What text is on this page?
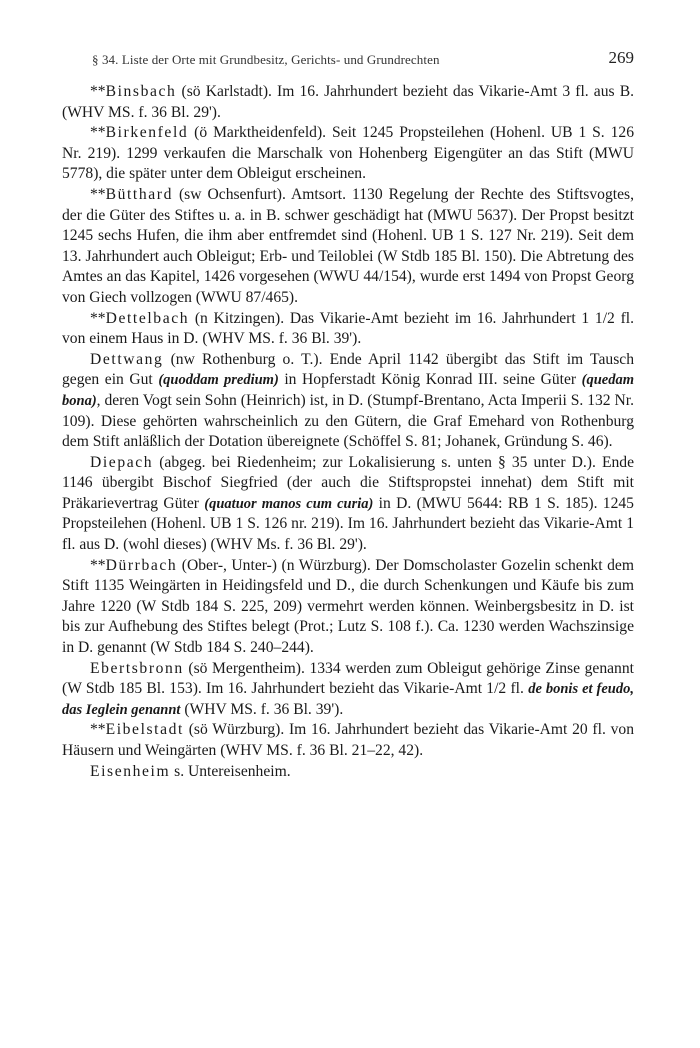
§ 34. Liste der Orte mit Grundbesitz, Gerichts- und Grundrechten	269

**Binsbach (sö Karlstadt). Im 16. Jahrhundert bezieht das Vikarie-Amt 3 fl. aus B. (WHV MS. f. 36 Bl. 29').

**Birkenfeld (ö Marktheidenfeld). Seit 1245 Propsteilehen (Hohenl. UB 1 S. 126 Nr. 219). 1299 verkaufen die Marschalk von Hohenberg Eigengüter an das Stift (MWU 5778), die später unter dem Obleigut erscheinen.

**Bütthard (sw Ochsenfurt). Amtsort. 1130 Regelung der Rechte des Stiftsvogtes, der die Güter des Stiftes u. a. in B. schwer geschädigt hat (MWU 5637). Der Propst besitzt 1245 sechs Hufen, die ihm aber entfremdet sind (Hohenl. UB 1 S. 127 Nr. 219). Seit dem 13. Jahrhundert auch Obleigut; Erb- und Teiloblei (W Stdb 185 Bl. 150). Die Abtretung des Amtes an das Kapitel, 1426 vorgesehen (WWU 44/154), wurde erst 1494 von Propst Georg von Giech vollzogen (WWU 87/465).

**Dettelbach (n Kitzingen). Das Vikarie-Amt bezieht im 16. Jahrhundert 1 1/2 fl. von einem Haus in D. (WHV MS. f. 36 Bl. 39').

Dettwang (nw Rothenburg o. T.). Ende April 1142 übergibt das Stift im Tausch gegen ein Gut (quoddam predium) in Hopferstadt König Konrad III. seine Güter (quedam bona), deren Vogt sein Sohn (Heinrich) ist, in D. (Stumpf-Brentano, Acta Imperii S. 132 Nr. 109). Diese gehörten wahrscheinlich zu den Gütern, die Graf Emehard von Rothenburg dem Stift anläßlich der Dotation übereignete (Schöffel S. 81; Johanek, Gründung S. 46).

Diepach (abgeg. bei Riedenheim; zur Lokalisierung s. unten § 35 unter D.). Ende 1146 übergibt Bischof Siegfried (der auch die Stiftspropstei innehat) dem Stift mit Präkarievertrag Güter (quatuor manos cum curia) in D. (MWU 5644: RB 1 S. 185). 1245 Propsteilehen (Hohenl. UB 1 S. 126 nr. 219). Im 16. Jahrhundert bezieht das Vikarie-Amt 1 fl. aus D. (wohl dieses) (WHV Ms. f. 36 Bl. 29').

**Dürrbach (Ober-, Unter-) (n Würzburg). Der Domscholaster Gozelin schenkt dem Stift 1135 Weingärten in Heidingsfeld und D., die durch Schenkungen und Käufe bis zum Jahre 1220 (W Stdb 184 S. 225, 209) vermehrt werden können. Weinbergsbesitz in D. ist bis zur Aufhebung des Stiftes belegt (Prot.; Lutz S. 108 f.). Ca. 1230 werden Wachszinsige in D. genannt (W Stdb 184 S. 240–244).

Ebertsbronn (sö Mergentheim). 1334 werden zum Obleigut gehörige Zinse genannt (W Stdb 185 Bl. 153). Im 16. Jahrhundert bezieht das Vikarie-Amt 1/2 fl. de bonis et feudo, das Ieglein genannt (WHV MS. f. 36 Bl. 39').

**Eibelstadt (sö Würzburg). Im 16. Jahrhundert bezieht das Vikarie-Amt 20 fl. von Häusern und Weingärten (WHV MS. f. 36 Bl. 21–22, 42).

Eisenheim s. Untereisenheim.
